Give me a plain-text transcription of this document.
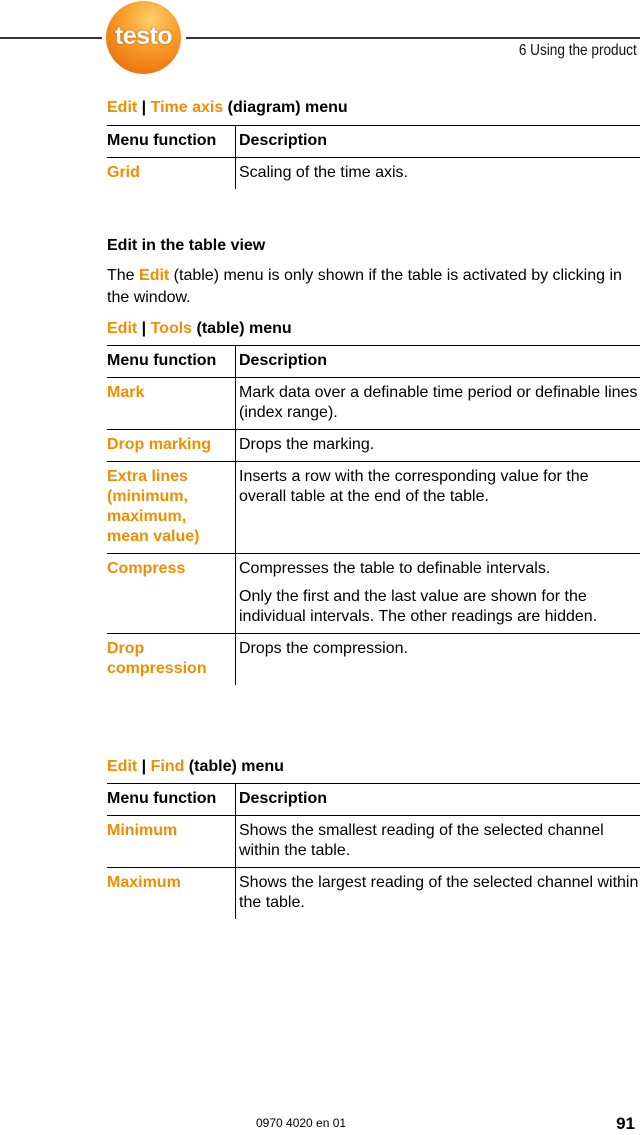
testo
6 Using the product
Edit | Time axis (diagram) menu
Menu function	Description
Grid	Scaling of the time axis.
Edit in the table view
The Edit (table) menu is only shown if the table is activated by clicking in the window.
Edit | Tools (table) menu
Menu function	Description
Mark	Mark data over a definable time period or definable lines (index range).
Drop marking	Drops the marking.
Extra lines (minimum, maximum, mean value)	Inserts a row with the corresponding value for the overall table at the end of the table.
Compress	Compresses the table to definable intervals.
Only the first and the last value are shown for the individual intervals. The other readings are hidden.

Drop compression	Drops the compression.
Edit | Find (table) menu
Menu function	Description
Minimum	Shows the smallest reading of the selected channel within the table.
Maximum	Shows the largest reading of the selected channel within the table.
0970 4020 en 01	91
